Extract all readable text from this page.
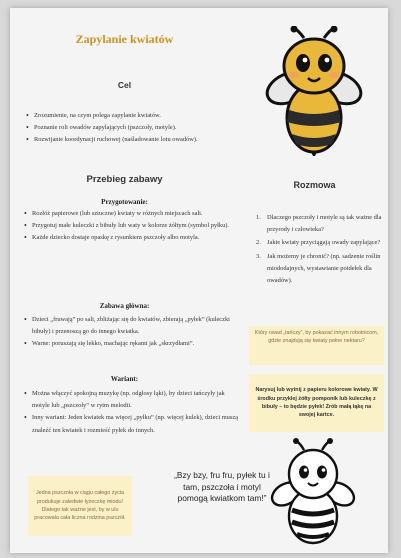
Zapylanie kwiatów
Cel
• Zrozumienie, na czym polega zapylanie kwiatów.
• Poznanie roli owadów zapylających (pszczoły, motyle).
• Rozwijanie koordynacji ruchowej (naśladowanie lotu owadów).
Przebieg zabawy
Przygotowanie:
• Rozłóż papierowe (lub sztuczne) kwiaty w różnych miejscach sali.
• Przygotuj małe kuleczki z bibuły lub waty w kolorze żółtym (symbol pyłku).
• Każde dziecko dostaje opaskę z rysunkiem pszczoły albo motyla.
Zabawa główna:
• Dzieci „fruwają” po sali, zbliżając się do kwiatów, zbierają „pyłek” (kuleczki bibuły) i przenoszą go do innego kwiatka.
• Warne: poruszają się lekko, machając rękami jak „skrzydłami”.
Wariant:
• Można włączyć spokojną muzykę (np. odgłosy łąki), by dzieci tańczyły jak motyle lub „pszczoły” w rytm melodii.
• Inny wariant: Jeden kwiatek ma więcej „pyłku” (np. więcej kulek), dzieci muszą znaleźć ten kwiatek i rozmieść pyłek do innych.
Rozmowa
1. Dlaczego pszczoły i motyle są tak ważne dla przyrody i człowieka?
2. Jakie kwiaty przyciągają owady zapylające?
3. Jak możemy je chronić? (np. sadzenie roślin miododajnych, wystawianie poidełek dla owadów).
Który owad „tańczy”, by pokazać innym robotnicom, gdzie znajdują się kwiaty pełne nektaru?
Narysuj lub wytnij z papieru kolorowe kwiaty. W środku przyklej żółty pomponik lub kuleczkę z bibuły – to będzie pyłek! Zrób małą łąkę na swojej kartce.
Jedna pszczoła w ciągu całego życia produkuje zaledwie łyżeczkę miodu! Dlatego tak ważne jest, by w ulu pracowała cała liczna rodzina pszczół.
„Bzy bzy, fru fru, pyłek tu i tam, pszczoła i motyl pomogą kwiatkom tam!”
